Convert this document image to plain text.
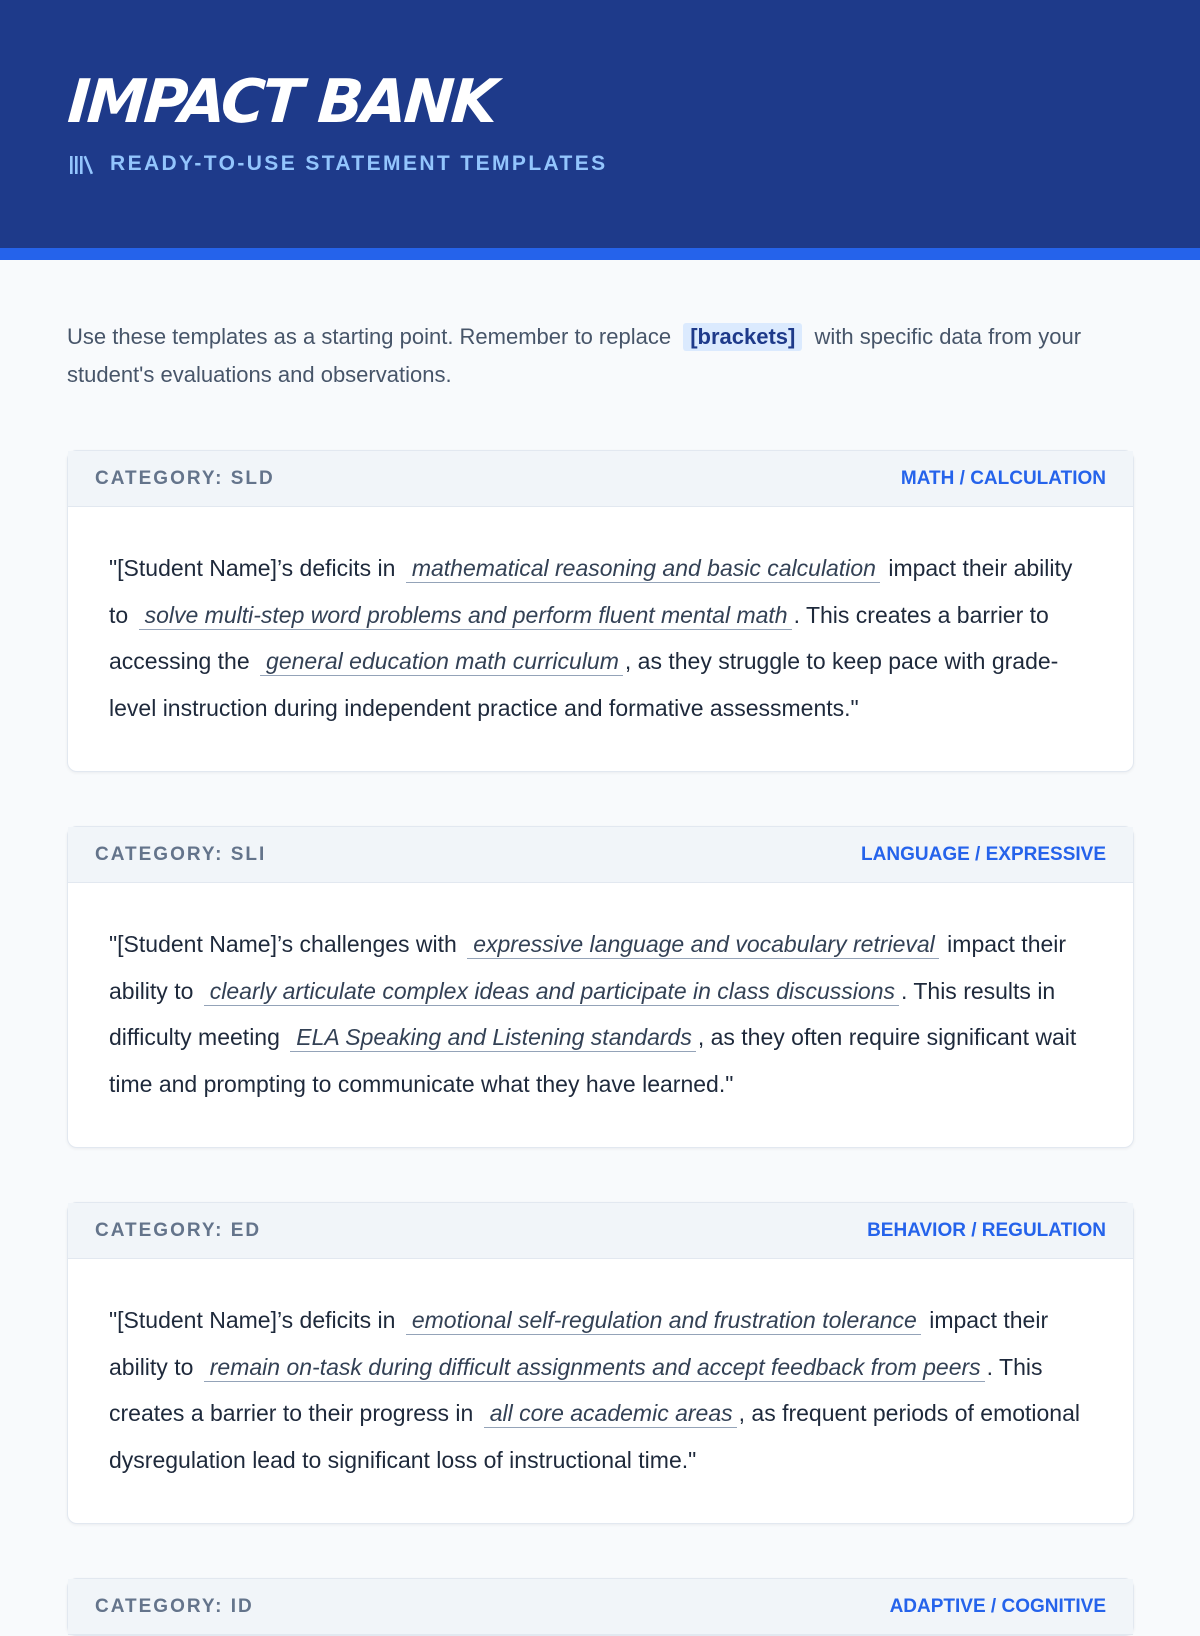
IMPACT BANK
READY-TO-USE STATEMENT TEMPLATES

Use these templates as a starting point. Remember to replace [brackets] with specific data from your student's evaluations and observations.

CATEGORY: SLD	MATH / CALCULATION
"[Student Name]’s deficits in mathematical reasoning and basic calculation impact their ability to solve multi-step word problems and perform fluent mental math . This creates a barrier to accessing the general education math curriculum , as they struggle to keep pace with grade-level instruction during independent practice and formative assessments."
CATEGORY: SLI	LANGUAGE / EXPRESSIVE
"[Student Name]’s challenges with expressive language and vocabulary retrieval impact their ability to clearly articulate complex ideas and participate in class discussions . This results in difficulty meeting ELA Speaking and Listening standards , as they often require significant wait time and prompting to communicate what they have learned."
CATEGORY: ED	BEHAVIOR / REGULATION
"[Student Name]’s deficits in emotional self-regulation and frustration tolerance impact their ability to remain on-task during difficult assignments and accept feedback from peers . This creates a barrier to their progress in all core academic areas , as frequent periods of emotional dysregulation lead to significant loss of instructional time."
CATEGORY: ID	ADAPTIVE / COGNITIVE
